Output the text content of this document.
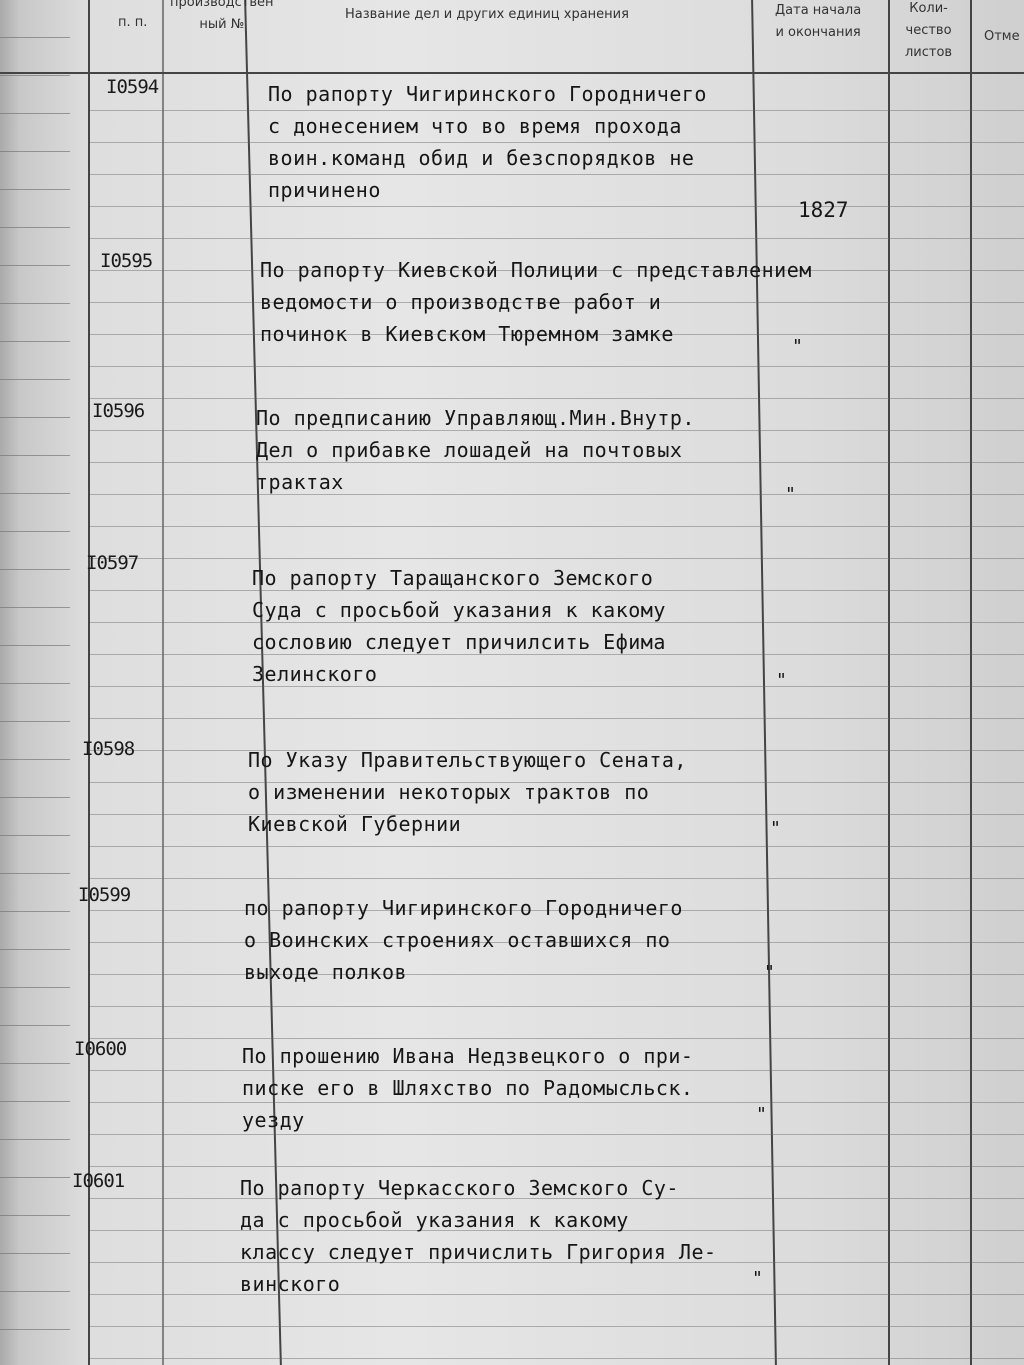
п. п.
производствен
ный №
Название дел и других единиц хранения	Дата начала
и окончания
Коли-
чество
листов
Отме
I0594	По рапорту Чигиринского Городничего
с донесением что во время прохода
воин.команд обид и безспорядков не
причинено
1827
I0595	По рапорту Киевской Полиции с представлением
ведомости о производстве работ и
починок в Киевском Тюремном замке
"
I0596	По предписанию Управляющ.Мин.Внутр.
Дел о прибавке лошадей на почтовых
трактах
"
I0597
По рапорту Таращанского Земского
Суда с просьбой указания к какому
сословию следует причилсить Ефима
Зелинского	"
I0598	По Указу Правительствующего Сената,
о изменении некоторых трактов по
Киевской Губернии	"
I0599
по рапорту Чигиринского Городничего
о Воинских строениях оставшихся по
выходе полков	"
I0600	По прошению Ивана Недзвецкого о при-
писке его в Шляхство по Радомысльск.
уезду	"
I0601	По рапорту Черкасского Земского Су-
да с просьбой указания к какому
классу следует причислить Григория Ле-
винского	"
